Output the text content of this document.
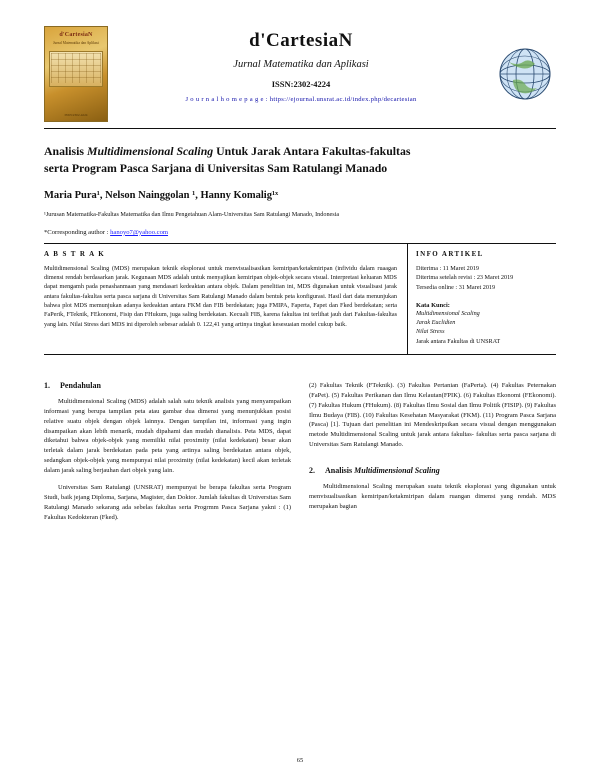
d'CartesiaN
Jurnal Matematika dan Aplikasi
ISSN:2302-4224
d'CartesiaN
Jurnal Matematika dan Aplikasi
ISSN:2302-4224
J o u r n a l h o m e p a g e : https://ejournal.unsrat.ac.id/index.php/decartesian
Analisis Multidimensional Scaling Untuk Jarak Antara Fakultas-fakultas
serta Program Pasca Sarjana di Universitas Sam Ratulangi Manado
Maria Pura¹, Nelson Nainggolan ¹, Hanny Komalig¹ˣ
¹Jurusan Matematika-Fakultas Matematika dan Ilmu Pengetahuan Alam-Universitas Sam Ratulangi Manado, Indonesia
*Corresponding author : hanoyo7@yahoo.com
A B S T R A K
Multidimensional Scaling (MDS) merupakan teknik eksplorasi untuk menvisualisasikan kemiripan/ketakmiripan (infividu dalam ruaagan dimensi rendah berdasarkan jarak. Kegunaan MDS adalah untuk menyajikan kemiripan objek-objek secara visual. Interpretasi keluaran MDS dapat mengamh pada penashanmaan yang mendasari kedeaktan antara objek. Dalam penelitian ini, MDS digunakan untuk visualisasi jarak antara fakultas-fakultas serta pasca sarjana di Universitas Sam Ratulangi Manado dalam bentuk peta konfigurasi. Hasil dari data menunjukan bahwa plot MDS memunjukan adanya kedeaktan antara FKM dan FIB berdekatan; juga FMIPA, Faperta, Fapet dan Fked berdekatan; serta FaPerik, FTeknik, FEkonomi, Fisip dan FHukum, juga saling berdekatan. Kecuali FIB, karena fakultas ini terlihat jauh dari Fakultas-fakultas yang lain. Nilai Stress dari MDS ini diperoleh sebesar adalah 0. 122,41 yang artinya tingkat kesesuaian model cukup baik.
INFO ARTIKEL
Diterima : 11 Maret 2019
Diterima setelah revisi : 23 Maret 2019
Tersedia online : 31 Maret 2019
Kata Kunci:
Multidimensional Scaling
Jarak Euclidien
Nilai Stress
Jarak antara Fakultas di UNSRAT
1. Pendahulan

Multidimensional Scaling (MDS) adalah salah satu teknik analisis yang menyampaikan informasi yang berupa tampilan peta atau gambar dua dimensi yang menunjukkan posisi relative suatu objek dengan objek lainnya. Dengan tampilan ini, informasi yang ingin disampaikan akan lebih menarik, mudah dipahami dan mudah dianalisis. Peta MDS, dapat diketahui bahwa objek-objek yang memiliki nilai proximity (nilai kedekatan) besar akan terletak dalam jarak berdekatan pada peta yang artinya saling berdekatan antara objek, sedangkan objek-objek yang mempunyai nilai proximity (nilai kedekatan) kecil akan terletak dalam jarak saling berjauhan dari objek yang lain.

Universitas Sam Ratulangi (UNSRAT) mempunyai be berapa fakultas serta Program Studi, baik jejang Diploma, Sarjana, Magister, dan Doktor. Jumlah fakultas di Universitas Sam Ratulangi Manado sekarang ada sebelas fakultas serta Progrmm Pasca Sarjana yakni : (1) Fakultas Kedokteran (Fked).

(2) Fakultas Teknik (FTeknik). (3) Fakultas Pertanian (FaPerta). (4) Fakultas Peternakan (FaPet). (5) Fakultas Perikanan dan Ilmu Kelautan(FPIK). (6) Fakultas Ekonomi (FEkonomi). (7) Fakultas Hukum (FHukum). (8) Fakultas Ilmu Sosial dan Ilmu Politik (FISIP). (9) Fakultas Ilmu Budaya (FIB). (10) Fakultas Kesehatan Masyarakat (FKM). (11) Program Pasca Sarjana (Pasca) [1]. Tujuan dari penelitian ini Mendeskripsikan secara visual dengan menggunakan metode Multidimensional Scaling untuk jarak antara fakultas- fakultas serta pasca sarjana di Universitas Sam Ratulangi Manado.

2. Analisis Multidimensional Scaling

Multidimensional Scaling merupakan suatu teknik eksplorasi yang digunakan untuk menvisualisasikan kemiripan/ketakmiripan dalam ruangan dimensi yang rendah. MDS merupakan bagian

65
